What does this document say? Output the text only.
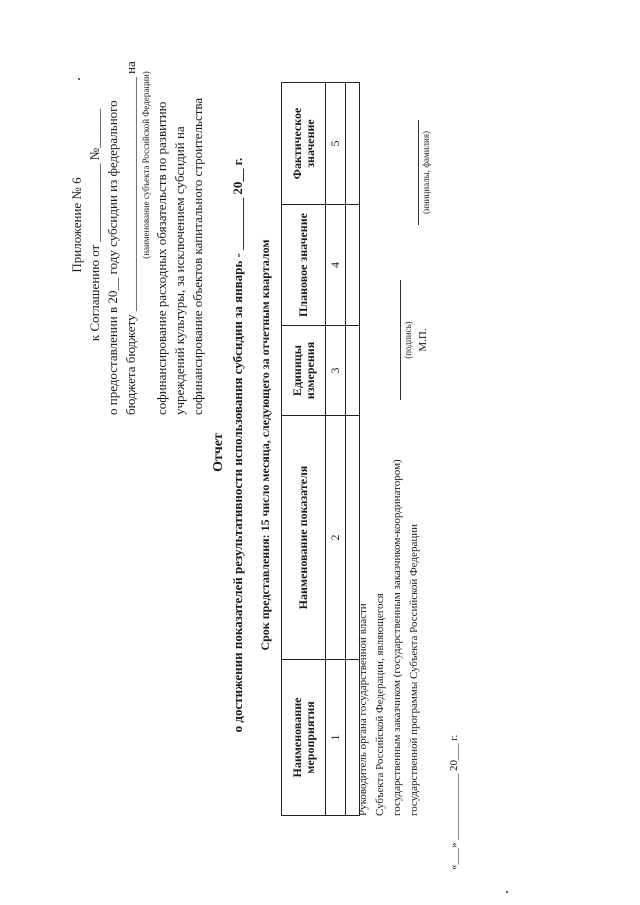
Приложение № 6 к Соглашению от ____________ №______ о предоставлении в 20__ году субсидии из федерального бюджета бюджету ____________________________________ на (наименование субъекта Российской Федерации) софинансирование расходных обязательств по развитию учреждений культуры, за исключением субсидий на софинансирование объектов капитального строительства
Отчет о достижении показателей результативности использования субсидии за январь - ________ 20__ г. Срок представления: 15 число месяца, следующего за отчетным кварталом
Наименование мероприятия	Наименование показателя	Единицы измерения	Плановое значение	Фактическое значение
1	2	3	4	5

Руководитель органа государственной власти Субъекта Российской Федерации, являющегося государственным заказчиком (государственным заказчиком-координатором) государственной программы Субъекта Российской Федерации
(подпись) М.П.
(инициалы, фамилия)
«___» ____________ 20___ г.
